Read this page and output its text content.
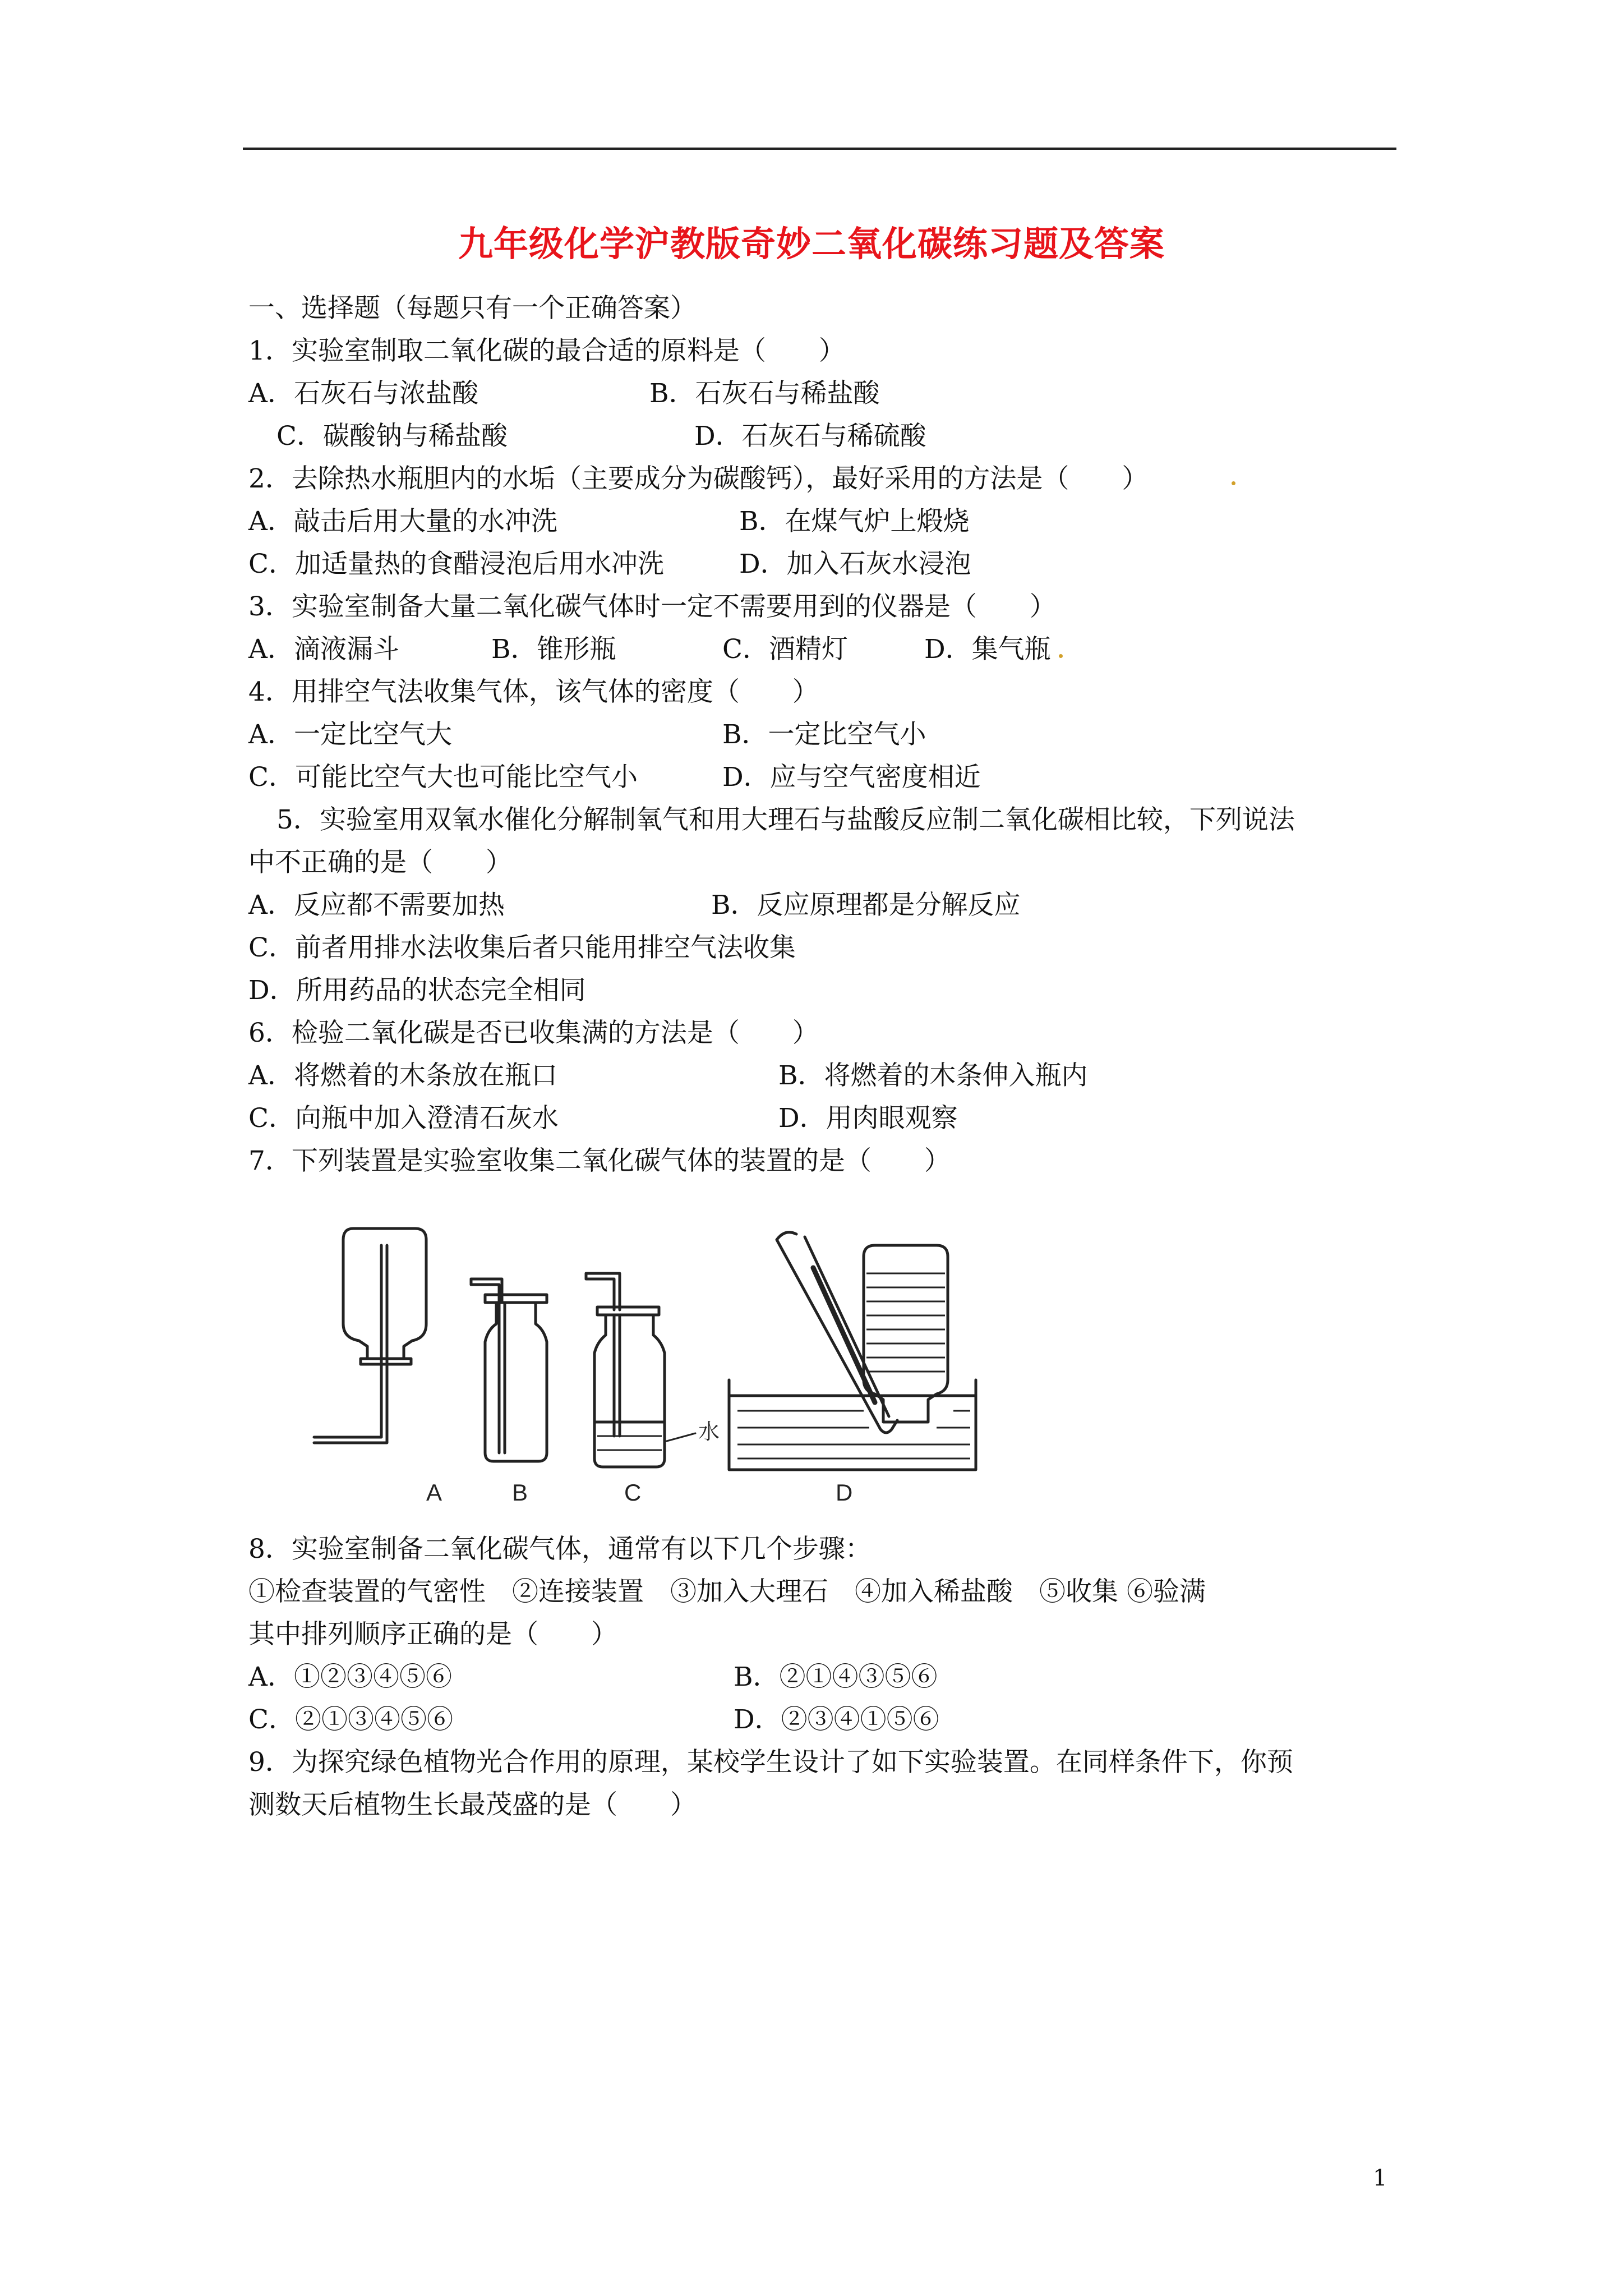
九年级化学沪教版奇妙二氧化碳练习题及答案
一、选择题（每题只有一个正确答案）
1．实验室制取二氧化碳的最合适的原料是（　　）
A．石灰石与浓盐酸	B．石灰石与稀盐酸
C．碳酸钠与稀盐酸	D．石灰石与稀硫酸
2．去除热水瓶胆内的水垢（主要成分为碳酸钙），最好采用的方法是（　　）
A．敲击后用大量的水冲洗	B．在煤气炉上煅烧
C．加适量热的食醋浸泡后用水冲洗	D．加入石灰水浸泡
3．实验室制备大量二氧化碳气体时一定不需要用到的仪器是（　　）
A．滴液漏斗	B．锥形瓶	C．酒精灯	D．集气瓶
4．用排空气法收集气体，该气体的密度（　　）
A．一定比空气大	B．一定比空气小
C．可能比空气大也可能比空气小	D．应与空气密度相近
5．实验室用双氧水催化分解制氧气和用大理石与盐酸反应制二氧化碳相比较，下列说法
中不正确的是（　　）
A．反应都不需要加热	B．反应原理都是分解反应
C．前者用排水法收集后者只能用排空气法收集
D．所用药品的状态完全相同
6．检验二氧化碳是否已收集满的方法是（　　）
A．将燃着的木条放在瓶口	B．将燃着的木条伸入瓶内
C．向瓶中加入澄清石灰水	D．用肉眼观察
7．下列装置是实验室收集二氧化碳气体的装置的是（　　）
A	B	C	D
水
8．实验室制备二氧化碳气体，通常有以下几个步骤：
①检查装置的气密性　②连接装置　③加入大理石　④加入稀盐酸　⑤收集 ⑥验满
其中排列顺序正确的是（　　）
A．①②③④⑤⑥	B．②①④③⑤⑥
C．②①③④⑤⑥	D．②③④①⑤⑥
9．为探究绿色植物光合作用的原理，某校学生设计了如下实验装置。在同样条件下，你预
测数天后植物生长最茂盛的是（　　）
1
